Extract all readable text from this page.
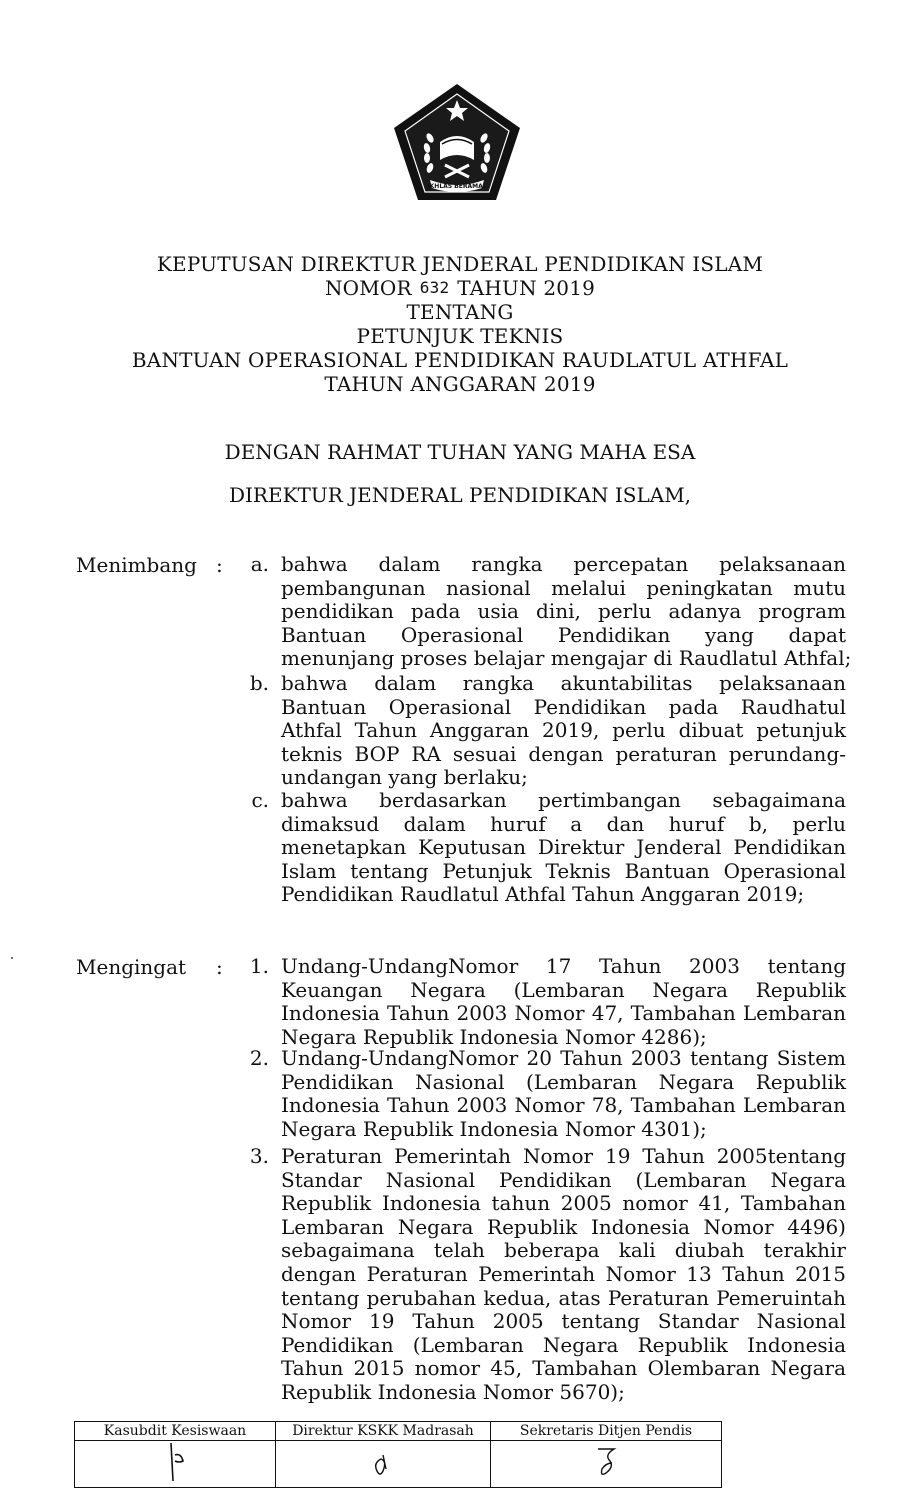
IKHLAS BERAMAL
KEPUTUSAN DIREKTUR JENDERAL PENDIDIKAN ISLAM
NOMOR 632 TAHUN 2019
TENTANG
PETUNJUK TEKNIS
BANTUAN OPERASIONAL PENDIDIKAN RAUDLATUL ATHFAL
TAHUN ANGGARAN 2019
DENGAN RAHMAT TUHAN YANG MAHA ESA
DIREKTUR JENDERAL PENDIDIKAN ISLAM,
Menimbang :	a. bahwa dalam rangka percepatan pelaksanaan
pembangunan nasional melalui peningkatan mutu
pendidikan pada usia dini, perlu adanya program
Bantuan Operasional Pendidikan yang dapat
menunjang proses belajar mengajar di Raudlatul Athfal;
b. bahwa dalam rangka akuntabilitas pelaksanaan
Bantuan Operasional Pendidikan pada Raudhatul
Athfal Tahun Anggaran 2019, perlu dibuat petunjuk
teknis BOP RA sesuai dengan peraturan perundang-
undangan yang berlaku;
c. bahwa berdasarkan pertimbangan sebagaimana
dimaksud dalam huruf a dan huruf b, perlu
menetapkan Keputusan Direktur Jenderal Pendidikan
Islam tentang Petunjuk Teknis Bantuan Operasional
Pendidikan Raudlatul Athfal Tahun Anggaran 2019;
Mengingat :	1. Undang-UndangNomor 17 Tahun 2003 tentang
Keuangan Negara (Lembaran Negara Republik
Indonesia Tahun 2003 Nomor 47, Tambahan Lembaran
Negara Republik Indonesia Nomor 4286);
2. Undang-UndangNomor 20 Tahun 2003 tentang Sistem
Pendidikan Nasional (Lembaran Negara Republik
Indonesia Tahun 2003 Nomor 78, Tambahan Lembaran
Negara Republik Indonesia Nomor 4301);
3. Peraturan Pemerintah Nomor 19 Tahun 2005tentang
Standar Nasional Pendidikan (Lembaran Negara
Republik Indonesia tahun 2005 nomor 41, Tambahan
Lembaran Negara Republik Indonesia Nomor 4496)
sebagaimana telah beberapa kali diubah terakhir
dengan Peraturan Pemerintah Nomor 13 Tahun 2015
tentang perubahan kedua, atas Peraturan Pemeruintah
Nomor 19 Tahun 2005 tentang Standar Nasional
Pendidikan (Lembaran Negara Republik Indonesia
Tahun 2015 nomor 45, Tambahan Olembaran Negara
Republik Indonesia Nomor 5670);
Kasubdit Kesiswaan	Direktur KSKK Madrasah	Sekretaris Ditjen Pendis
